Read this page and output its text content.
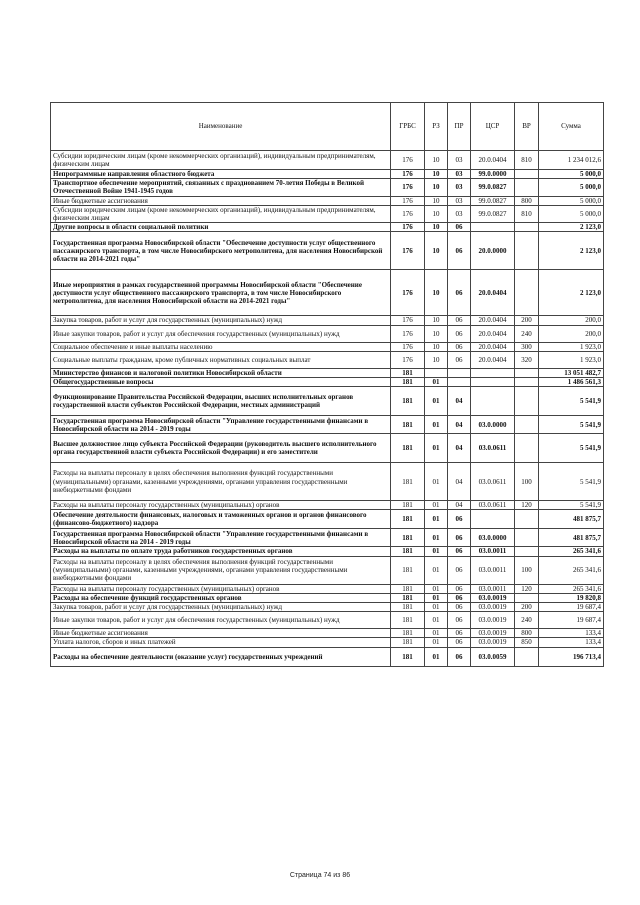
Наименование	ГРБС	РЗ	ПР	ЦСР	ВР	Сумма
Субсидии юридическим лицам (кроме некоммерческих организаций), индивидуальным предпринимателям, физическим лицам	176	10	03	20.0.0404	810	1 234 012,6
Непрограммные направления областного бюджета	176	10	03	99.0.0000		5 000,0
Транспортное обеспечение мероприятий, связанных с празднованием 70-летия Победы в Великой Отечественной Войне 1941-1945 годов	176	10	03	99.0.0827		5 000,0
Иные бюджетные ассигнования	176	10	03	99.0.0827	800	5 000,0
Субсидии юридическим лицам (кроме некоммерческих организаций), индивидуальным предпринимателям, физическим лицам	176	10	03	99.0.0827	810	5 000,0
Другие вопросы в области социальной политики	176	10	06			2 123,0
Государственная программа Новосибирской области "Обеспечение доступности услуг общественного пассажирского транспорта, в том числе Новосибирского метрополитена, для населения Новосибирской области на 2014-2021 годы"	176	10	06	20.0.0000		2 123,0
Иные мероприятия в рамках государственной программы Новосибирской области "Обеспечение доступности услуг общественного пассажирского транспорта, в том числе Новосибирского метрополитена, для населения Новосибирской области на 2014-2021 годы"	176	10	06	20.0.0404		2 123,0
Закупка товаров, работ и услуг для государственных (муниципальных) нужд	176	10	06	20.0.0404	200	200,0
Иные закупки товаров, работ и услуг для обеспечения государственных (муниципальных) нужд	176	10	06	20.0.0404	240	200,0
Социальное обеспечение и иные выплаты населению	176	10	06	20.0.0404	300	1 923,0
Социальные выплаты гражданам, кроме публичных нормативных социальных выплат	176	10	06	20.0.0404	320	1 923,0
Министерство финансов и налоговой политики Новосибирской области	181					13 051 482,7
Общегосударственные вопросы	181	01				1 486 561,3
Функционирование Правительства Российской Федерации, высших исполнительных органов государственной власти субъектов Российской Федерации, местных администраций	181	01	04			5 541,9
Государственная программа Новосибирской области "Управление государственными финансами в Новосибирской области на 2014 - 2019 годы	181	01	04	03.0.0000		5 541,9
Высшее должностное лицо субъекта Российской Федерации (руководитель высшего исполнительного органа государственной власти субъекта Российской Федерации) и его заместители	181	01	04	03.0.0611		5 541,9
Расходы на выплаты персоналу в целях обеспечения выполнения функций государственными (муниципальными) органами, казенными учреждениями, органами управления государственными внебюджетными фондами	181	01	04	03.0.0611	100	5 541,9
Расходы на выплаты персоналу государственных (муниципальных) органов	181	01	04	03.0.0611	120	5 541,9
Обеспечение деятельности финансовых, налоговых и таможенных органов и органов финансового (финансово-бюджетного) надзора	181	01	06			481 875,7
Государственная программа Новосибирской области "Управление государственными финансами в Новосибирской области на 2014 - 2019 годы	181	01	06	03.0.0000		481 875,7
Расходы на выплаты по оплате труда работников государственных органов	181	01	06	03.0.0011		265 341,6
Расходы на выплаты персоналу в целях обеспечения выполнения функций государственными (муниципальными) органами, казенными учреждениями, органами управления государственными внебюджетными фондами	181	01	06	03.0.0011	100	265 341,6
Расходы на выплаты персоналу государственных (муниципальных) органов	181	01	06	03.0.0011	120	265 341,6
Расходы на обеспечение функций государственных органов	181	01	06	03.0.0019		19 820,8
Закупка товаров, работ и услуг для государственных (муниципальных) нужд	181	01	06	03.0.0019	200	19 687,4
Иные закупки товаров, работ и услуг для обеспечения государственных (муниципальных) нужд	181	01	06	03.0.0019	240	19 687,4
Иные бюджетные ассигнования	181	01	06	03.0.0019	800	133,4
Уплата налогов, сборов и иных платежей	181	01	06	03.0.0019	850	133,4
Расходы на обеспечение деятельности (оказание услуг) государственных учреждений	181	01	06	03.0.0059		196 713,4
Страница 74 из 86
